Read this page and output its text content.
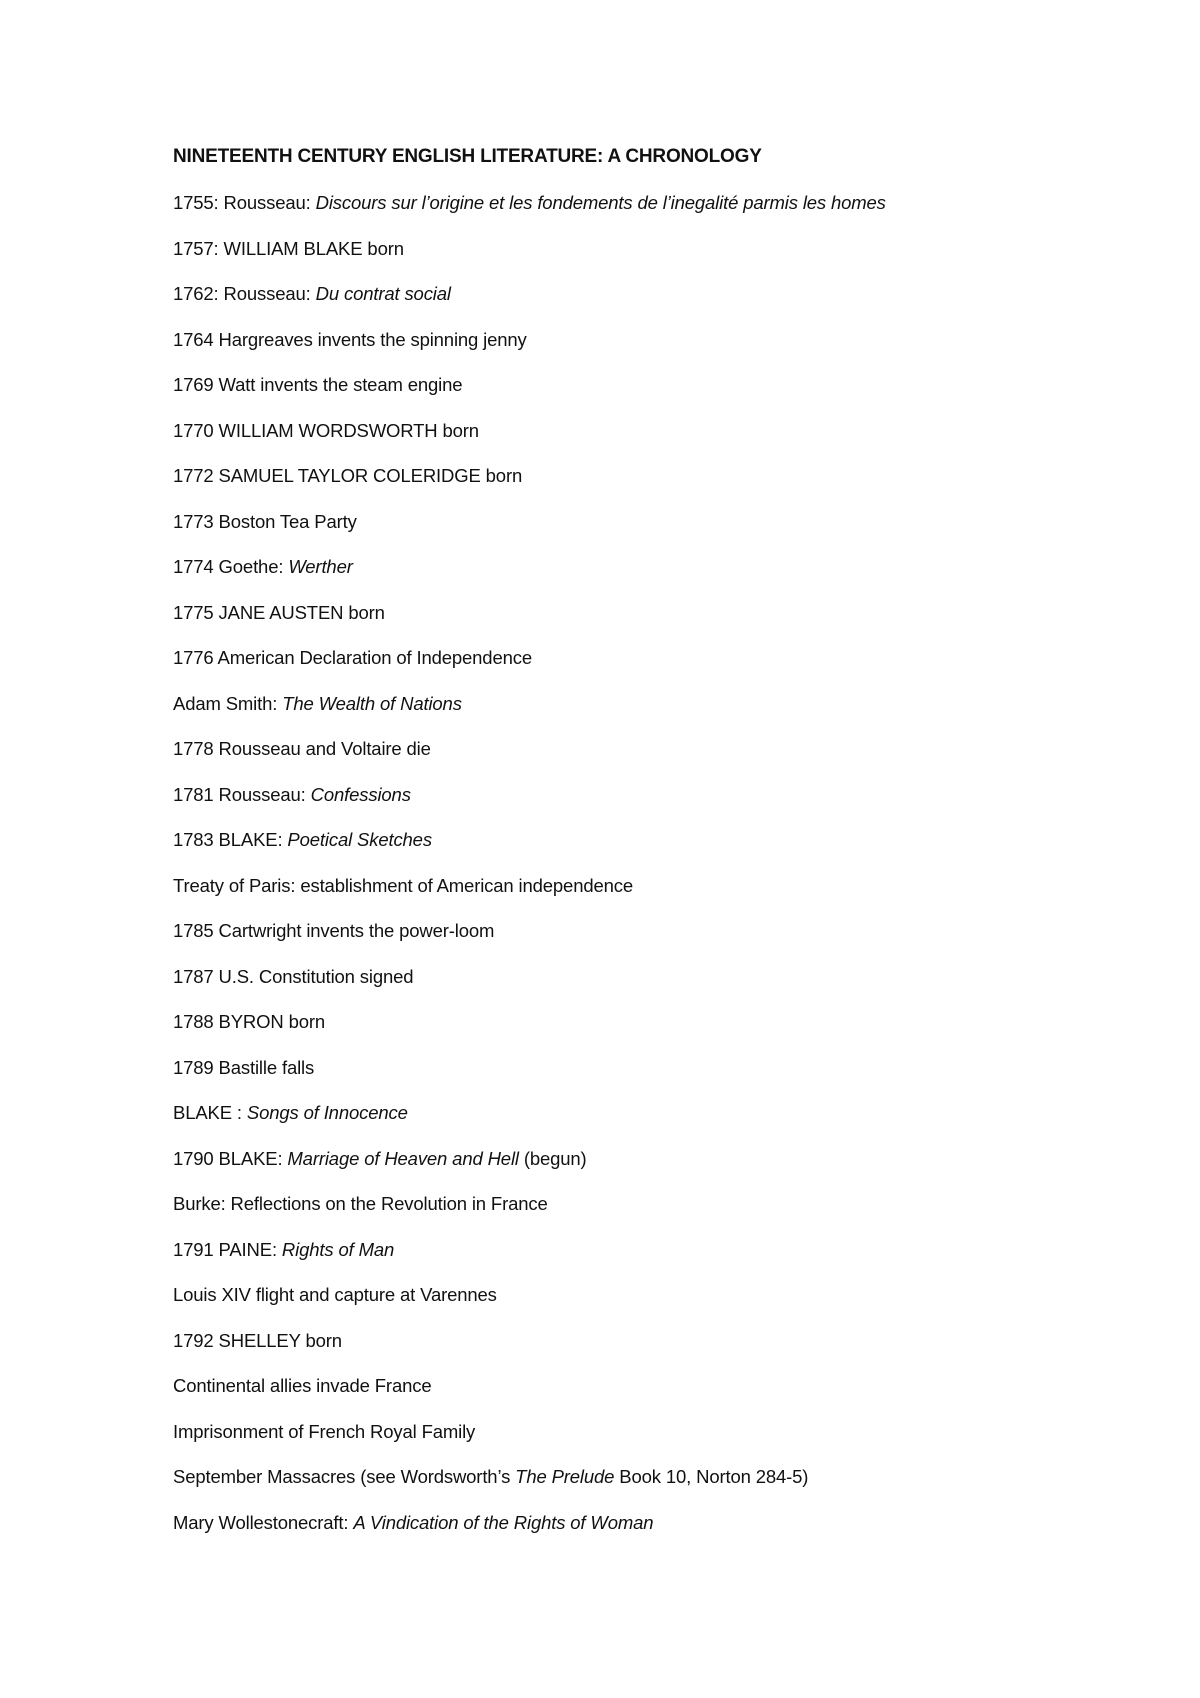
NINETEENTH CENTURY ENGLISH LITERATURE: A CHRONOLOGY
1755: Rousseau: Discours sur l’origine et les fondements de l’inegalité parmis les homes
1757: WILLIAM BLAKE born
1762: Rousseau: Du contrat social
1764 Hargreaves invents the spinning jenny
1769 Watt invents the steam engine
1770 WILLIAM WORDSWORTH born
1772 SAMUEL TAYLOR COLERIDGE born
1773 Boston Tea Party
1774 Goethe: Werther
1775 JANE AUSTEN born
1776 American Declaration of Independence
Adam Smith: The Wealth of Nations
1778 Rousseau and Voltaire die
1781 Rousseau: Confessions
1783 BLAKE: Poetical Sketches
Treaty of Paris: establishment of American independence
1785 Cartwright invents the power-loom
1787 U.S. Constitution signed
1788 BYRON born
1789 Bastille falls
BLAKE : Songs of Innocence
1790 BLAKE: Marriage of Heaven and Hell (begun)
Burke: Reflections on the Revolution in France
1791 PAINE: Rights of Man
Louis XIV flight and capture at Varennes
1792 SHELLEY born
Continental allies invade France
Imprisonment of French Royal Family
September Massacres (see Wordsworth’s The Prelude Book 10, Norton 284-5)
Mary Wollestonecraft: A Vindication of the Rights of Woman
